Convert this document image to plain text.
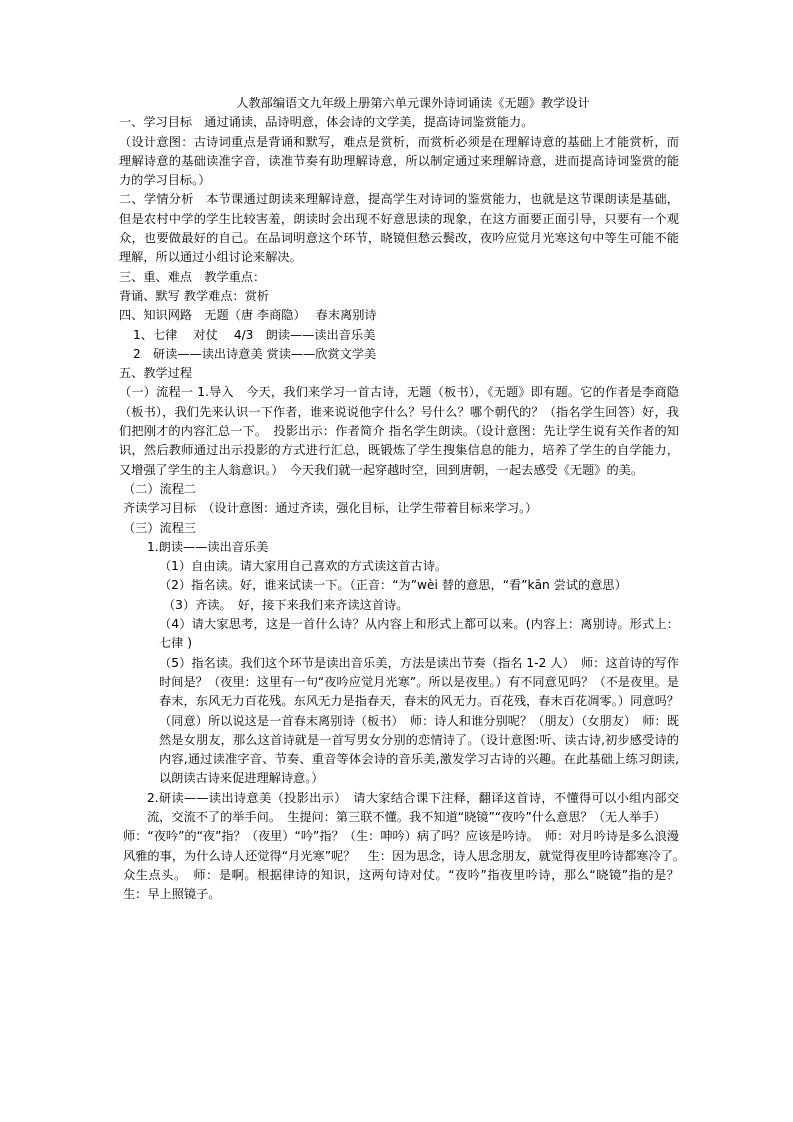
人教部编语文九年级上册第六单元课外诗词诵读《无题》教学设计

一、学习目标　通过诵读，品诗明意，体会诗的文学美，提高诗词鉴赏能力。

（设计意图：古诗词重点是背诵和默写，难点是赏析，而赏析必须是在理解诗意的基础上才能赏析，而理解诗意的基础读准字音，读准节奏有助理解诗意，所以制定通过来理解诗意，进而提高诗词鉴赏的能力的学习目标。）

二、学情分析　本节课通过朗读来理解诗意，提高学生对诗词的鉴赏能力，也就是这节课朗读是基础，但是农村中学的学生比较害羞，朗读时会出现不好意思读的现象，在这方面要正面引导，只要有一个观众，也要做最好的自己。在品词明意这个环节，晓镜但愁云鬓改，夜吟应觉月光寒这句中等生可能不能理解，所以通过小组讨论来解决。

三、重、难点　教学重点：

背诵、默写 教学难点：赏析

四、知识网路　无题（唐 李商隐）　 春末离别诗

1、七律　 对仗　 4/3　朗读——读出音乐美

2　研读——读出诗意美 赏读——欣赏文学美

五、教学过程

（一）流程一 1.导入　今天，我们来学习一首古诗，无题（板书），《无题》即有题。它的作者是李商隐（板书），我们先来认识一下作者，谁来说说他字什么？号什么？哪个朝代的？（指名学生回答）好，我们把刚才的内容汇总一下。　投影出示：作者简介 指名学生朗读。（设计意图：先让学生说有关作者的知识，然后教师通过出示投影的方式进行汇总，既锻炼了学生搜集信息的能力，培养了学生的自学能力，又增强了学生的主人翁意识。）　今天我们就一起穿越时空，回到唐朝，一起去感受《无题》的美。

（二）流程二

齐读学习目标　（设计意图：通过齐读，强化目标，让学生带着目标来学习。）

（三）流程三

1.朗读——读出音乐美

（1）自由读。请大家用自己喜欢的方式读这首古诗。

（2）指名读。好，谁来试读一下。（正音：“为”wèi 替的意思，“看”kān 尝试的意思）

（3）齐读。　好，接下来我们来齐读这首诗。

（4）请大家思考，这是一首什么诗？从内容上和形式上都可以来。(内容上：离别诗。形式上：七律 )

（5）指名读。我们这个环节是读出音乐美，方法是读出节奏（指名 1-2 人）　师：这首诗的写作时间是？（夜里：这里有一句“夜吟应觉月光寒”。所以是夜里。）有不同意见吗？（不是夜里。是春末，东风无力百花残。东风无力是指春天，春末的风无力。百花残，春末百花凋零。）同意吗？（同意）所以说这是一首春末离别诗（板书）　师：诗人和谁分别呢？（朋友）（女朋友）　师：既然是女朋友，那么这首诗就是一首写男女分别的恋情诗了。（设计意图:听、读古诗,初步感受诗的内容,通过读准字音、节奏、重音等体会诗的音乐美,激发学习古诗的兴趣。在此基础上练习朗读,以朗读古诗来促进理解诗意。）

2.研读——读出诗意美（投影出示）　请大家结合课下注释，翻译这首诗，不懂得可以小组内部交流，交流不了的举手问。　生提问：第三联不懂。我不知道“晓镜”“夜吟”什么意思？（无人举手）

师：“夜吟”的“夜”指？（夜里）“吟”指？（生：呻吟）病了吗？应该是吟诗。　师：对月吟诗是多么浪漫风雅的事，为什么诗人还觉得“月光寒”呢？　生：因为思念，诗人思念朋友，就觉得夜里吟诗都寒冷了。　众生点头。　师：是啊。根据律诗的知识，这两句诗对仗。“夜吟”指夜里吟诗，那么“晓镜”指的是？　生：早上照镜子。
